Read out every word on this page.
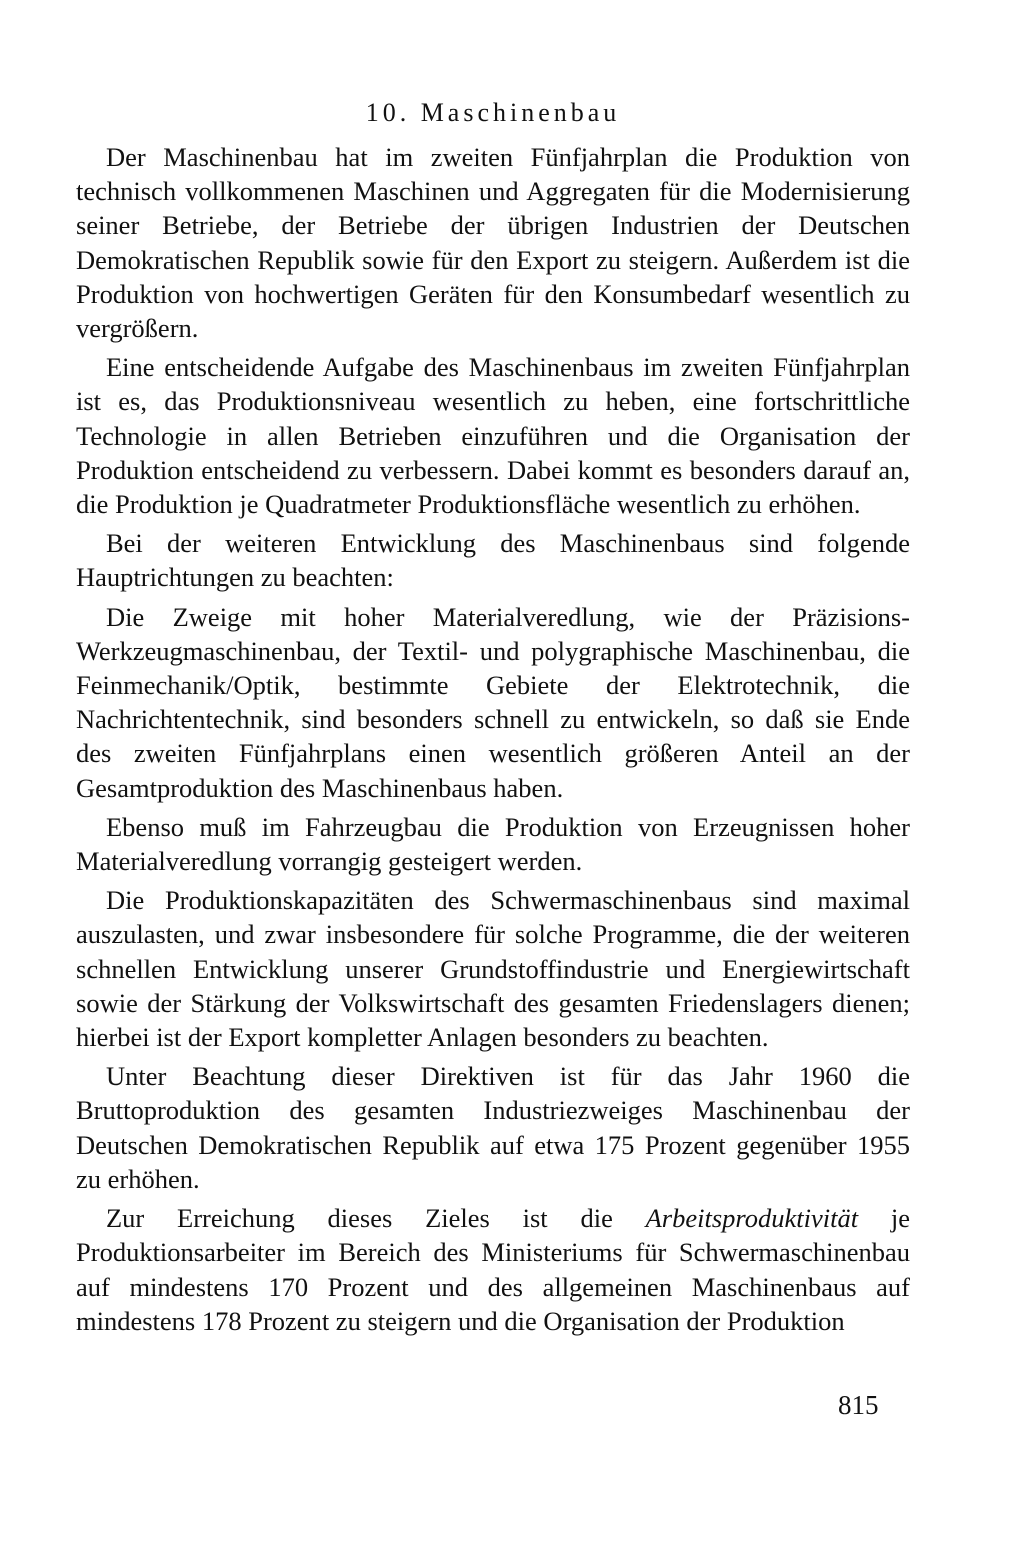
10. Maschinenbau

Der Maschinenbau hat im zweiten Fünfjahrplan die Produktion von technisch vollkommenen Maschinen und Aggregaten für die Modernisierung seiner Betriebe, der Betriebe der übrigen Industrien der Deutschen Demokratischen Republik sowie für den Export zu steigern. Außerdem ist die Produktion von hochwertigen Geräten für den Konsumbedarf wesentlich zu vergrößern.

Eine entscheidende Aufgabe des Maschinenbaus im zweiten Fünfjahrplan ist es, das Produktionsniveau wesentlich zu heben, eine fortschrittliche Technologie in allen Betrieben einzuführen und die Organisation der Produktion entscheidend zu verbessern. Dabei kommt es besonders darauf an, die Produktion je Quadratmeter Produktionsfläche wesentlich zu erhöhen.

Bei der weiteren Entwicklung des Maschinenbaus sind folgende Hauptrichtungen zu beachten:

Die Zweige mit hoher Materialveredlung, wie der Präzisions-Werkzeugmaschinenbau, der Textil- und polygraphische Maschinenbau, die Feinmechanik/Optik, bestimmte Gebiete der Elektrotechnik, die Nachrichtentechnik, sind besonders schnell zu entwickeln, so daß sie Ende des zweiten Fünfjahrplans einen wesentlich größeren Anteil an der Gesamtproduktion des Maschinenbaus haben.

Ebenso muß im Fahrzeugbau die Produktion von Erzeugnissen hoher Materialveredlung vorrangig gesteigert werden.

Die Produktionskapazitäten des Schwermaschinenbaus sind maximal auszulasten, und zwar insbesondere für solche Programme, die der weiteren schnellen Entwicklung unserer Grundstoffindustrie und Energiewirtschaft sowie der Stärkung der Volkswirtschaft des gesamten Friedenslagers dienen; hierbei ist der Export kompletter Anlagen besonders zu beachten.

Unter Beachtung dieser Direktiven ist für das Jahr 1960 die Bruttoproduktion des gesamten Industriezweiges Maschinenbau der Deutschen Demokratischen Republik auf etwa 175 Prozent gegenüber 1955 zu erhöhen.

Zur Erreichung dieses Zieles ist die Arbeitsproduktivität je Produktionsarbeiter im Bereich des Ministeriums für Schwermaschinenbau auf mindestens 170 Prozent und des allgemeinen Maschinenbaus auf mindestens 178 Prozent zu steigern und die Organisation der Produktion

815
